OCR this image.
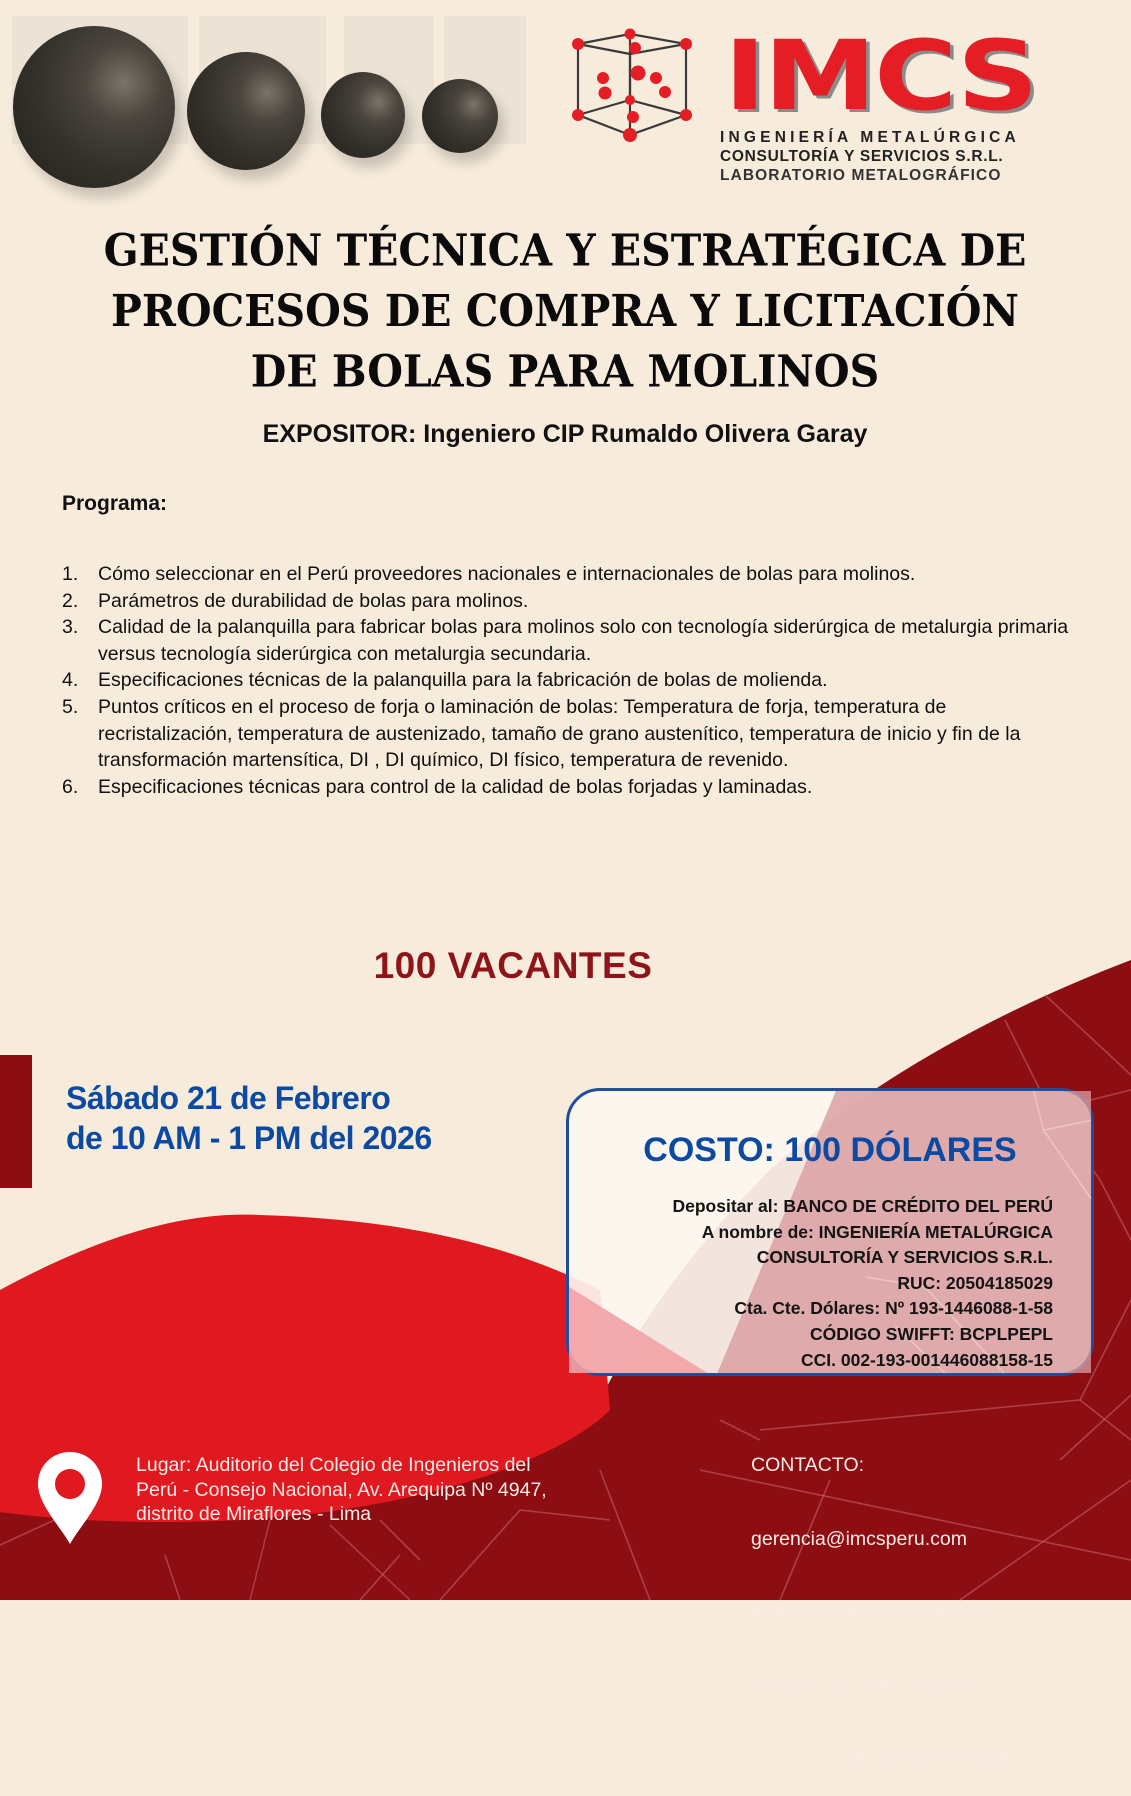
IMCS
INGENIERÍA METALÚRGICA
CONSULTORÍA Y SERVICIOS S.R.L.
LABORATORIO METALOGRÁFICO
GESTIÓN TÉCNICA Y ESTRATÉGICA DE
PROCESOS DE COMPRA Y LICITACIÓN
DE BOLAS PARA MOLINOS
EXPOSITOR: Ingeniero CIP Rumaldo Olivera Garay
Programa:
1.	Cómo seleccionar en el Perú proveedores nacionales e internacionales de bolas para molinos.
2.	Parámetros de durabilidad de bolas para molinos.
3.	Calidad de la palanquilla para fabricar bolas para molinos solo con tecnología siderúrgica de metalurgia primaria versus tecnología siderúrgica con metalurgia secundaria.
4.	Especificaciones técnicas de la palanquilla para la fabricación de bolas de molienda.
5.	Puntos críticos en el proceso de forja o laminación de bolas: Temperatura de forja, temperatura de recristalización, temperatura de austenizado, tamaño de grano austenítico, temperatura de inicio y fin de la transformación martensítica, DI , DI químico, DI físico, temperatura de revenido.
6.	Especificaciones técnicas para control de la calidad de bolas forjadas y laminadas.
100 VACANTES
Sábado 21 de Febrero
de 10 AM - 1 PM del 2026	COSTO: 100 DÓLARES
Depositar al: BANCO DE CRÉDITO DEL PERÚ
A nombre de: INGENIERÍA METALÚRGICA
CONSULTORÍA Y SERVICIOS S.R.L.
RUC: 20504185029
Cta. Cte. Dólares: Nº 193-1446088-1-58
CÓDIGO SWIFFT: BCPLPEPL
CCI. 002-193-001446088158-15
Lugar: Auditorio del Colegio de Ingenieros del
Perú - Consejo Nacional, Av. Arequipa Nº 4947,
distrito de Miraflores - Lima

CONTACTO:

gerencia@imcsperu.com

rumaldoolivera@yahoo.com

Celular: (511) 997-096-860

(511) 912-160-989
